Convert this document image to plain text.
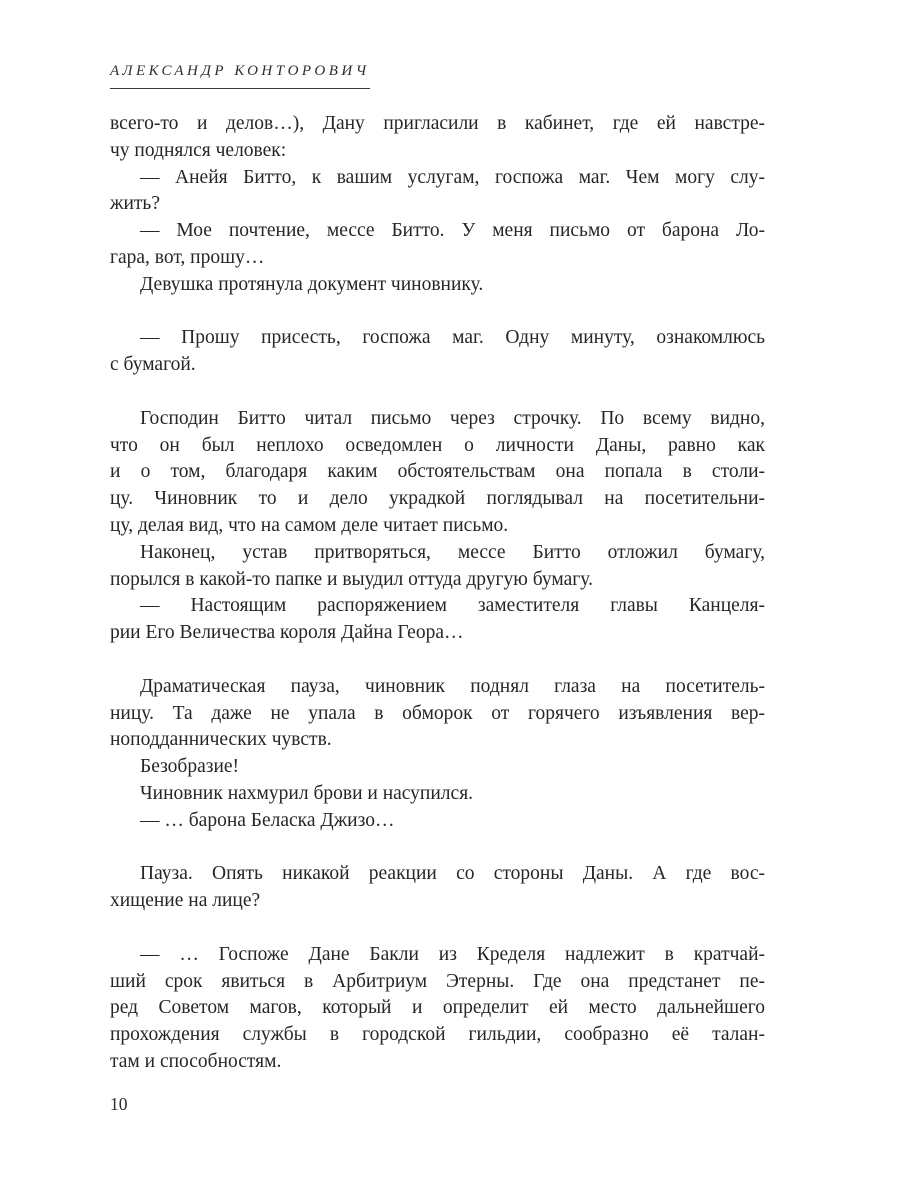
АЛЕКСАНДР КОНТОРОВИЧ
всего-то и делов…), Дану пригласили в кабинет, где ей навстре-
чу поднялся человек:
— Анейя Битто, к вашим услугам, госпожа маг. Чем могу слу-
жить?
— Мое почтение, мессе Битто. У меня письмо от барона Ло-
гара, вот, прошу…
Девушка протянула документ чиновнику.
— Прошу присесть, госпожа маг. Одну минуту, ознакомлюсь
с бумагой.
Господин Битто читал письмо через строчку. По всему видно,
что он был неплохо осведомлен о личности Даны, равно как
и о том, благодаря каким обстоятельствам она попала в столи-
цу. Чиновник то и дело украдкой поглядывал на посетительни-
цу, делая вид, что на самом деле читает письмо.
Наконец, устав притворяться, мессе Битто отложил бумагу,
порылся в какой-то папке и выудил оттуда другую бумагу.
— Настоящим распоряжением заместителя главы Канцеля-
рии Его Величества короля Дайна Геора…
Драматическая пауза, чиновник поднял глаза на посетитель-
ницу. Та даже не упала в обморок от горячего изъявления вер-
ноподданнических чувств.
Безобразие!
Чиновник нахмурил брови и насупился.
— … барона Беласка Джизо…
Пауза. Опять никакой реакции со стороны Даны. А где вос-
хищение на лице?
— … Госпоже Дане Бакли из Кределя надлежит в кратчай-
ший срок явиться в Арбитриум Этерны. Где она предстанет пе-
ред Советом магов, который и определит ей место дальнейшего
прохождения службы в городской гильдии, сообразно её талан-
там и способностям.
10
